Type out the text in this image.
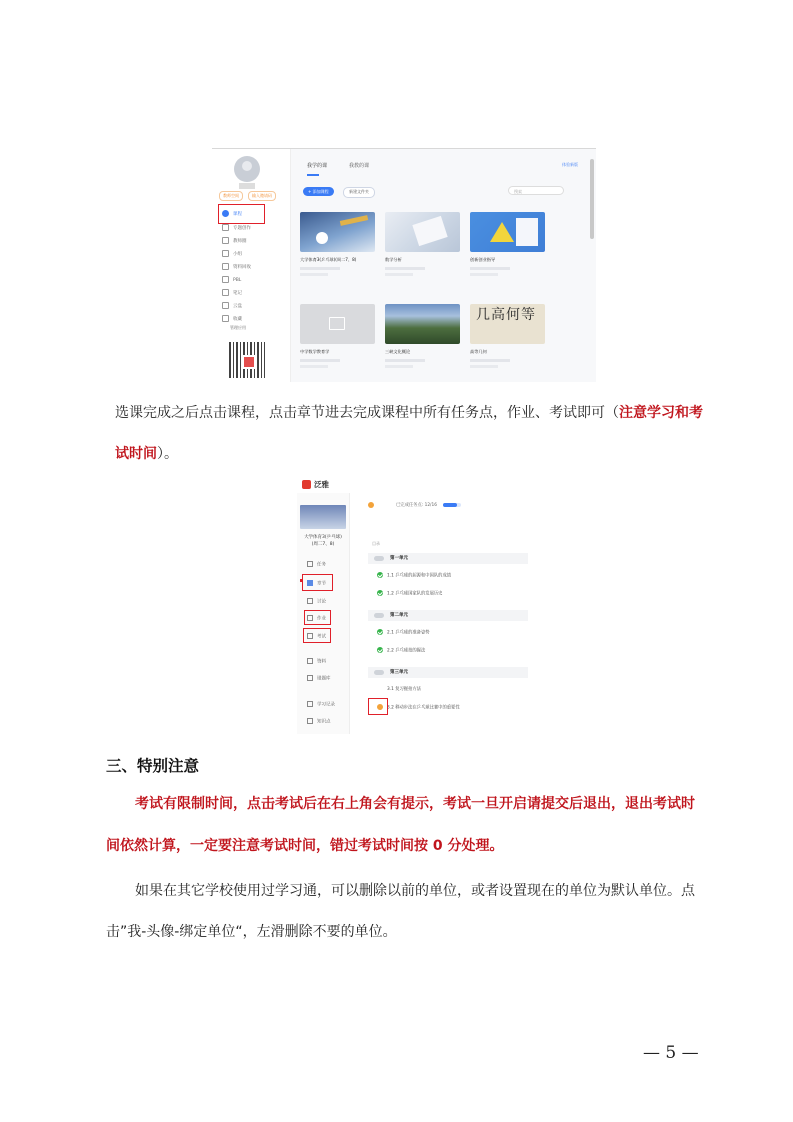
教师空间	输入邀请码
课程
专题创作
教师圈
小组
资料回收
PBL
笔记
云盘
收藏
管理应用
我学的课	我教的课	体验新版
+ 添加课程	新建文件夹	搜索
大学体育3(乒乓球)(周二7、8)	数学分析	创新创业指导
中学数学教育学	三峡文化概论
几高何等
高等几何
选课完成之后点击课程，点击章节进去完成课程中所有任务点，作业、考试即可（注意学习和考
试时间）。
泛雅
大学体育3(乒乓球)
(周二7、8)
任务
章节
讨论
作业
考试
资料
错题库
学习记录
知识点
已完成任务点: 12/16
目录
第一单元
1.1 乒乓球的起源和中国队的成绩
1.2 乒乓球国家队的发展历史
第二单元
2.1 乒乓球的准备姿势
2.2 乒乓球拍的握法
第三单元
3.1 复习握拍方法
3.2 移动步法在乒乓球比赛中的重要性
三、特别注意
考试有限制时间，点击考试后在右上角会有提示，考试一旦开启请提交后退出，退出考试时
间依然计算，一定要注意考试时间，错过考试时间按 0 分处理。
如果在其它学校使用过学习通，可以删除以前的单位，或者设置现在的单位为默认单位。点
击”我-头像-绑定单位“，左滑删除不要的单位。
— 5 —
